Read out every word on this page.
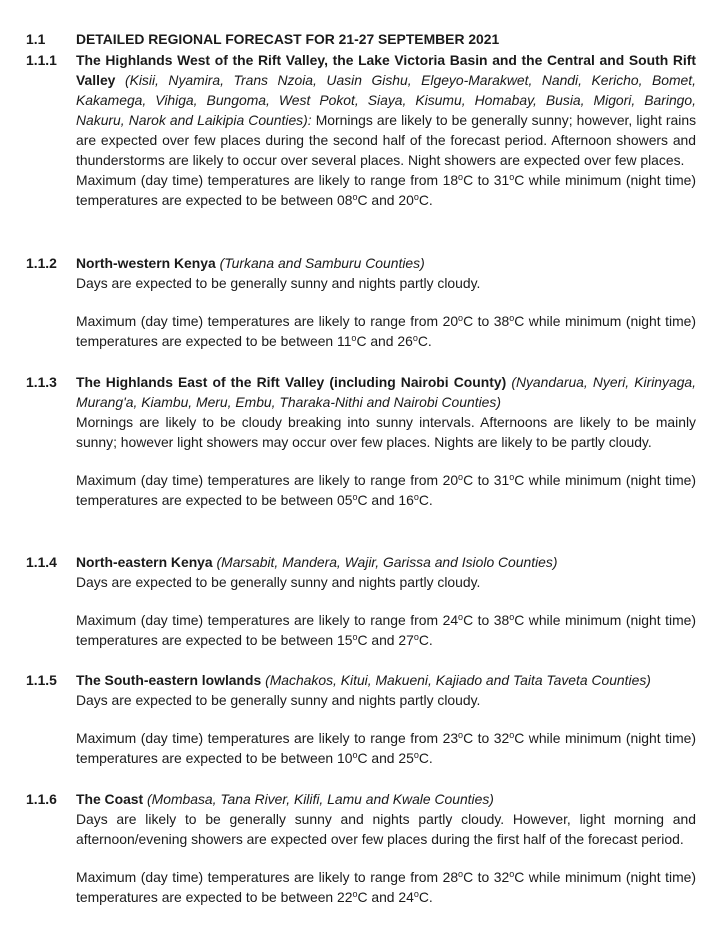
1.1 DETAILED REGIONAL FORECAST FOR 21-27 SEPTEMBER 2021
1.1.1 The Highlands West of the Rift Valley, the Lake Victoria Basin and the Central and South Rift Valley (Kisii, Nyamira, Trans Nzoia, Uasin Gishu, Elgeyo-Marakwet, Nandi, Kericho, Bomet, Kakamega, Vihiga, Bungoma, West Pokot, Siaya, Kisumu, Homabay, Busia, Migori, Baringo, Nakuru, Narok and Laikipia Counties): Mornings are likely to be generally sunny; however, light rains are expected over few places during the second half of the forecast period. Afternoon showers and thunderstorms are likely to occur over several places. Night showers are expected over few places.

Maximum (day time) temperatures are likely to range from 18$^o$C to 31$^o$C while minimum (night time) temperatures are expected to be between 08$^o$C and 20$^o$C.

1.1.2 North-western Kenya (Turkana and Samburu Counties)

Days are expected to be generally sunny and nights partly cloudy.

Maximum (day time) temperatures are likely to range from 20$^o$C to 38$^o$C while minimum (night time) temperatures are expected to be between 11$^o$C and 26$^o$C.

1.1.3 The Highlands East of the Rift Valley (including Nairobi County) (Nyandarua, Nyeri, Kirinyaga, Murang'a, Kiambu, Meru, Embu, Tharaka-Nithi and Nairobi Counties)

Mornings are likely to be cloudy breaking into sunny intervals. Afternoons are likely to be mainly sunny; however light showers may occur over few places. Nights are likely to be partly cloudy.

Maximum (day time) temperatures are likely to range from 20$^o$C to 31$^o$C while minimum (night time) temperatures are expected to be between 05$^o$C and 16$^o$C.

1.1.4 North-eastern Kenya (Marsabit, Mandera, Wajir, Garissa and Isiolo Counties)

Days are expected to be generally sunny and nights partly cloudy.

Maximum (day time) temperatures are likely to range from 24$^o$C to 38$^o$C while minimum (night time) temperatures are expected to be between 15$^o$C and 27$^o$C.

1.1.5 The South-eastern lowlands (Machakos, Kitui, Makueni, Kajiado and Taita Taveta Counties)

Days are expected to be generally sunny and nights partly cloudy.

Maximum (day time) temperatures are likely to range from 23$^o$C to 32$^o$C while minimum (night time) temperatures are expected to be between 10$^o$C and 25$^o$C.

1.1.6 The Coast (Mombasa, Tana River, Kilifi, Lamu and Kwale Counties)

Days are likely to be generally sunny and nights partly cloudy. However, light morning and afternoon/evening showers are expected over few places during the first half of the forecast period.

Maximum (day time) temperatures are likely to range from 28$^o$C to 32$^o$C while minimum (night time) temperatures are expected to be between 22$^o$C and 24$^o$C.
